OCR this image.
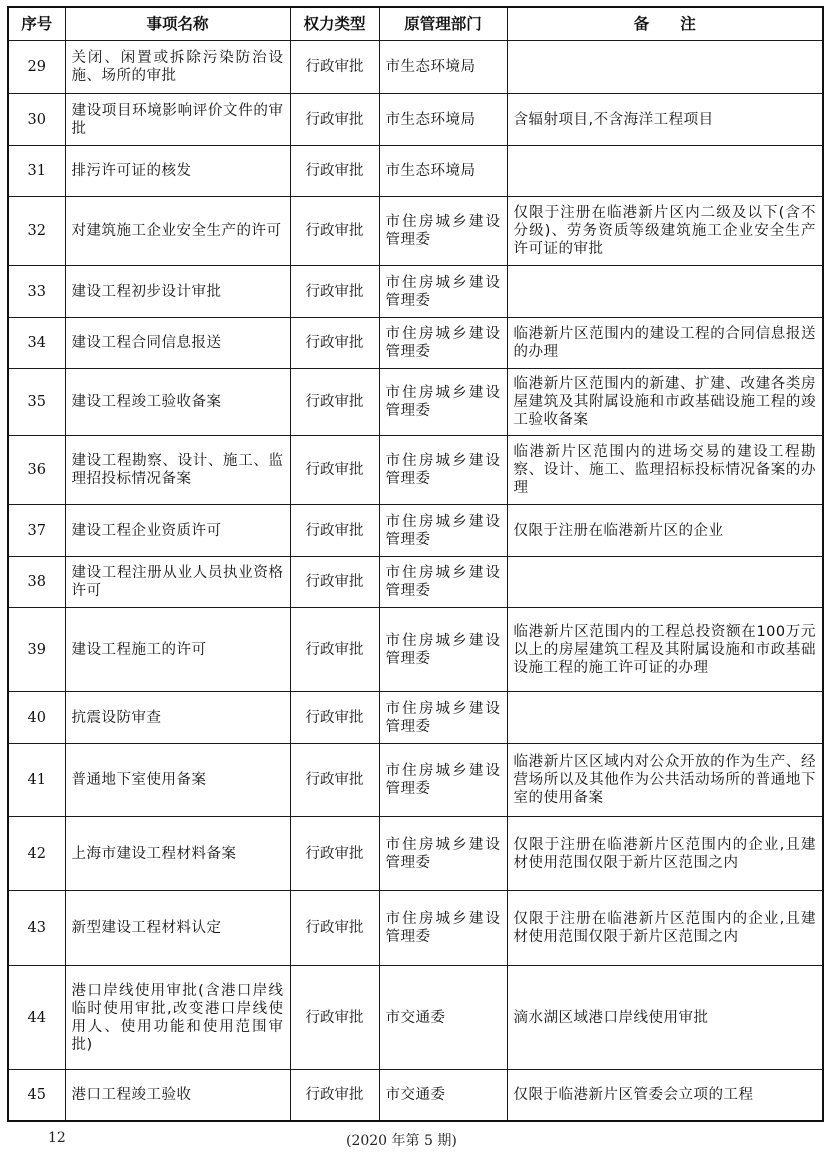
序号	事项名称	权力类型	原管理部门	备　　注
29	关闭、闲置或拆除污染防治设施、场所的审批	行政审批	市生态环境局	
30	建设项目环境影响评价文件的审批	行政审批	市生态环境局	含辐射项目,不含海洋工程项目
31	排污许可证的核发	行政审批	市生态环境局	
32	对建筑施工企业安全生产的许可	行政审批	市住房城乡建设管理委	仅限于注册在临港新片区内二级及以下(含不分级)、劳务资质等级建筑施工企业安全生产许可证的审批
33	建设工程初步设计审批	行政审批	市住房城乡建设管理委	
34	建设工程合同信息报送	行政审批	市住房城乡建设管理委	临港新片区范围内的建设工程的合同信息报送的办理
35	建设工程竣工验收备案	行政审批	市住房城乡建设管理委	临港新片区范围内的新建、扩建、改建各类房屋建筑及其附属设施和市政基础设施工程的竣工验收备案
36	建设工程勘察、设计、施工、监理招投标情况备案	行政审批	市住房城乡建设管理委	临港新片区范围内的进场交易的建设工程勘察、设计、施工、监理招标投标情况备案的办理
37	建设工程企业资质许可	行政审批	市住房城乡建设管理委	仅限于注册在临港新片区的企业
38	建设工程注册从业人员执业资格许可	行政审批	市住房城乡建设管理委	
39	建设工程施工的许可	行政审批	市住房城乡建设管理委	临港新片区范围内的工程总投资额在100万元以上的房屋建筑工程及其附属设施和市政基础设施工程的施工许可证的办理
40	抗震设防审查	行政审批	市住房城乡建设管理委	
41	普通地下室使用备案	行政审批	市住房城乡建设管理委	临港新片区区域内对公众开放的作为生产、经营场所以及其他作为公共活动场所的普通地下室的使用备案
42	上海市建设工程材料备案	行政审批	市住房城乡建设管理委	仅限于注册在临港新片区范围内的企业,且建材使用范围仅限于新片区范围之内
43	新型建设工程材料认定	行政审批	市住房城乡建设管理委	仅限于注册在临港新片区范围内的企业,且建材使用范围仅限于新片区范围之内
44	港口岸线使用审批(含港口岸线临时使用审批,改变港口岸线使用人、使用功能和使用范围审批)	行政审批	市交通委	滴水湖区域港口岸线使用审批
45	港口工程竣工验收	行政审批	市交通委	仅限于临港新片区管委会立项的工程
12	(2020 年第 5 期)
